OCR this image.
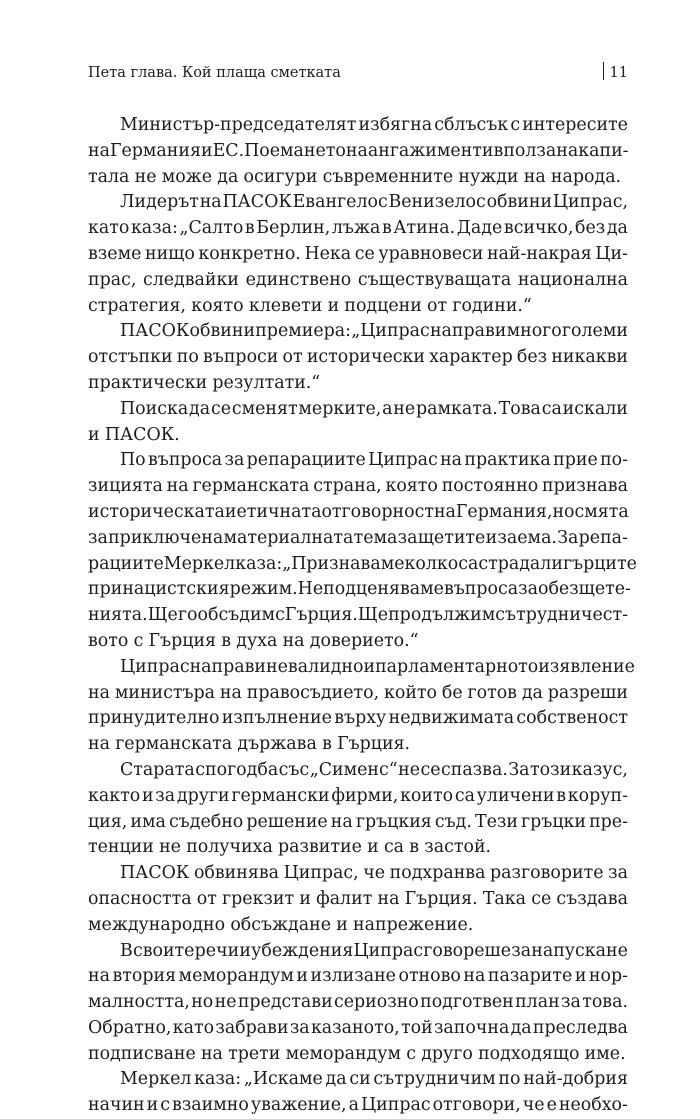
Пета глава. Кой плаща сметката	11
Министър-председателят избягна сблъсък с интересите
на Германия и ЕС. Поемането на ангажименти в полза на капи-
тала не може да осигури съвременните нужди на народа.
Лидерът на ПАСОК Евангелос Венизелос обвини Ципрас,
като каза: „Салто в Берлин, лъжа в Атина. Даде всичко, без да
вземе нищо конкретно. Нека се уравновеси най-накрая Ци-
прас, следвайки единствено съществуващата национална
стратегия, която клевети и подцени от години.“
ПАСОК обвини премиера: „Ципрас направи много големи
отстъпки по въпроси от исторически характер без никакви
практически резултати.“
Поиска да се сменят мерките, а не рамката. Това са искали
и ПАСОК.
По въпроса за репарациите Ципрас на практика прие по-
зицията на германската страна, която постоянно признава
историческата и етичната отговорност на Германия, но смята
за приключена материалната тема за щетите и заема. За репа-
рациите Меркел каза: „Признаваме колко са страдали гърците
при нацистския режим. Не подценяваме въпроса за обезщете-
нията. Ще го обсъдим с Гърция. Ще продължим сътрудничест-
вото с Гърция в духа на доверието.“
Ципрас направи невалидно и парламентарното изявление
на министъра на правосъдието, който бе готов да разреши
принудително изпълнение върху недвижимата собственост
на германската държава в Гърция.
Старата спогодба със „Сименс“ не се спазва. За този казус,
както и за други германски фирми, които са уличени в коруп-
ция, има съдебно решение на гръцкия съд. Тези гръцки пре-
тенции не получиха развитие и са в застой.
ПАСОК обвинява Ципрас, че подхранва разговорите за
опасността от грекзит и фалит на Гърция. Така се създава
международно обсъждане и напрежение.
В своите речи и убеждения Ципрас говореше за напускане
на втория меморандум и излизане отново на пазарите и нор-
малността, но не представи сериозно подготвен план за това.
Обратно, като забрави за казаното, той започна да преследва
подписване на трети меморандум с друго подходящо име.
Меркел каза: „Искаме да си сътрудничим по най-добрия
начин и с взаимно уважение, а Ципрас отговори, че е необхо-
